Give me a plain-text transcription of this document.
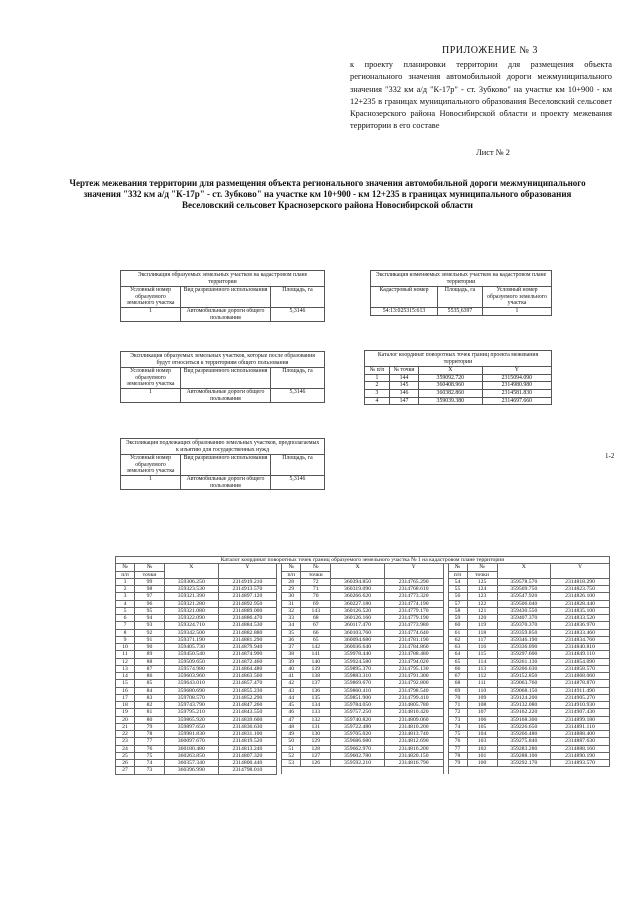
ПРИЛОЖЕНИЕ № 3
к проекту планировки территории для размещения объекта регионального значения автомобильной дороги межмуниципального значения "332 км а/д "К-17р" - ст. Зубково" на участке км 10+900 - км 12+235 в границах муниципального образования Веселовский сельсовет Краснозерского района Новосибирской области и проекту межевания территории в его составе
Лист № 2
Чертеж межевания территории для размещения объекта регионального значения автомобильной дороги межмуниципального значения "332 км а/д "К-17р" - ст. Зубково" на участке км 10+900 - км 12+235 в границах муниципального образования Веселовский сельсовет Краснозерского района Новосибирской области
1-2
Экспликация образуемых земельных участков на кадастровом плане территории		
Условный номер образуемого земельного участка	Вид разрешенного использования	Площадь, га
1	Автомобильные дороги общего пользования	5,3146
Экспликация изменяемых земельных участков на кадастровом плане территории		
Кадастровый номер	Площадь, га	Условный номер образуемого земельного участка
54:13:025315:613	5535,6397	1
Экспликация образуемых земельных участков, которые после образования будут относиться к территориям общего пользования		
Условный номер образуемого земельного участка	Вид разрешенного использования	Площадь, га
1	Автомобильные дороги общего пользования	5,3146
Каталог координат поворотных точек границ проекта межевания территории			
№ п/п	№ точки	X	Y
1	144	359092.720	2315094.090
2	145	360408.960	2314980.980
3	146	360382.860	2314581.830
4	147	359039.380	2314697.660
Экспликация подлежащих образованию земельных участков, предполагаемых к изъятию для государственных нужд		
Условный номер образуемого земельного участка	Вид разрешенного использования	Площадь, га
1	Автомобильные дороги общего пользования	5,3146
Каталог координат поворотных точек границ образуемого земельного участка № 1 на кадастровом плане территории													
№	№	X	Y		№	№	X	Y		№	№	X	Y
п/п	точки				п/п	точки				п/п	точки		
1	99	359306.250	2314919.210		28	72	360394.850	2314765.290		54	125	359578.570	2314818.290
2	98	359323.530	2314913.570		29	71	360319.090	2314768.610		55	124	359569.750	2314823.750
3	97	359321.390	2314897.120		30	70	360266.620	2314773.320		56	123	359547.920	2314826.100
4	96	359321.280	2314892.950		31	69	360227.180	2314774.190		57	122	359506.040	2314828.440
5	95	359321.080	2314889.000		32	143	360126.520	2314779.170		58	121	359430.550	2314835.100
6	94	359322.090	2314886.470		33	68	360126.160	2314779.190		59	120	359407.370	2314833.520
7	93	359324.710	2314884.530		34	67	360117.470	2314773.980		60	119	359370.370	2314836.970
8	92	359342.500	2314882.880		35	66	360103.760	2314774.640		61	118	359359.850	2314833.460
9	91	359371.190	2314881.290		36	65	360094.680	2314781.190		62	117	359346.190	2314834.760
10	90	359405.730	2314879.940		37	142	360036.640	2314784.860		63	116	359336.090	2314840.810
11	89	359450.540	2314874.990		38	141	359978.440	2314788.480		64	115	359297.600	2314849.110
12	88	359509.650	2314872.460		39	140	359924.580	2314794.020		65	114	359261.130	2314854.090
13	87	359574.980	2314864.480		40	139	359895.370	2314795.130		66	113	359206.630	2314858.570
14	86	359603.960	2314863.560		41	138	359883.310	2314791.300		67	112	359152.850	2314868.060
15	85	359643.010	2314857.470		42	137	359869.670	2314792.800		68	111	359063.760	2314878.870
16	84	359680.690	2314855.230		43	136	359860.410	2314798.540		69	110	359068.150	2314911.490
17	83	359708.570	2314852.290		44	135	359851.900	2314799.410		70	109	359124.200	2314905.270
18	82	359743.790	2314847.260		45	134	359784.050	2314805.780		71	108	359132.080	2314910.930
19	81	359795.210	2314843.550		46	133	359757.250	2314810.420		72	107	359162.220	2314907.430
20	80	359865.920	2314839.600		47	132	359740.820	2314809.060		73	106	359168.300	2314899.180
21	79	359897.650	2314836.630		48	131	359722.480	2314810.200		74	105	359226.650	2314891.110
22	78	359981.830	2314831.100		49	130	359705.020	2314813.740		75	104	359266.480	2314888.400
23	77	360097.670	2314819.520		50	129	359686.680	2314812.690		76	103	359275.840	2314887.630
24	76	360180.480	2314813.240		51	128	359662.970	2314816.200		77	102	359283.280	2314888.160
25	75	360263.850	2314807.320		52	127	359602.780	2314820.150		78	101	359288.100	2314890.190
26	74	360357.340	2314800.440		53	126	359592.210	2314816.790		79	100	359292.170	2314893.570
27	73	360396.990	2314798.010										
